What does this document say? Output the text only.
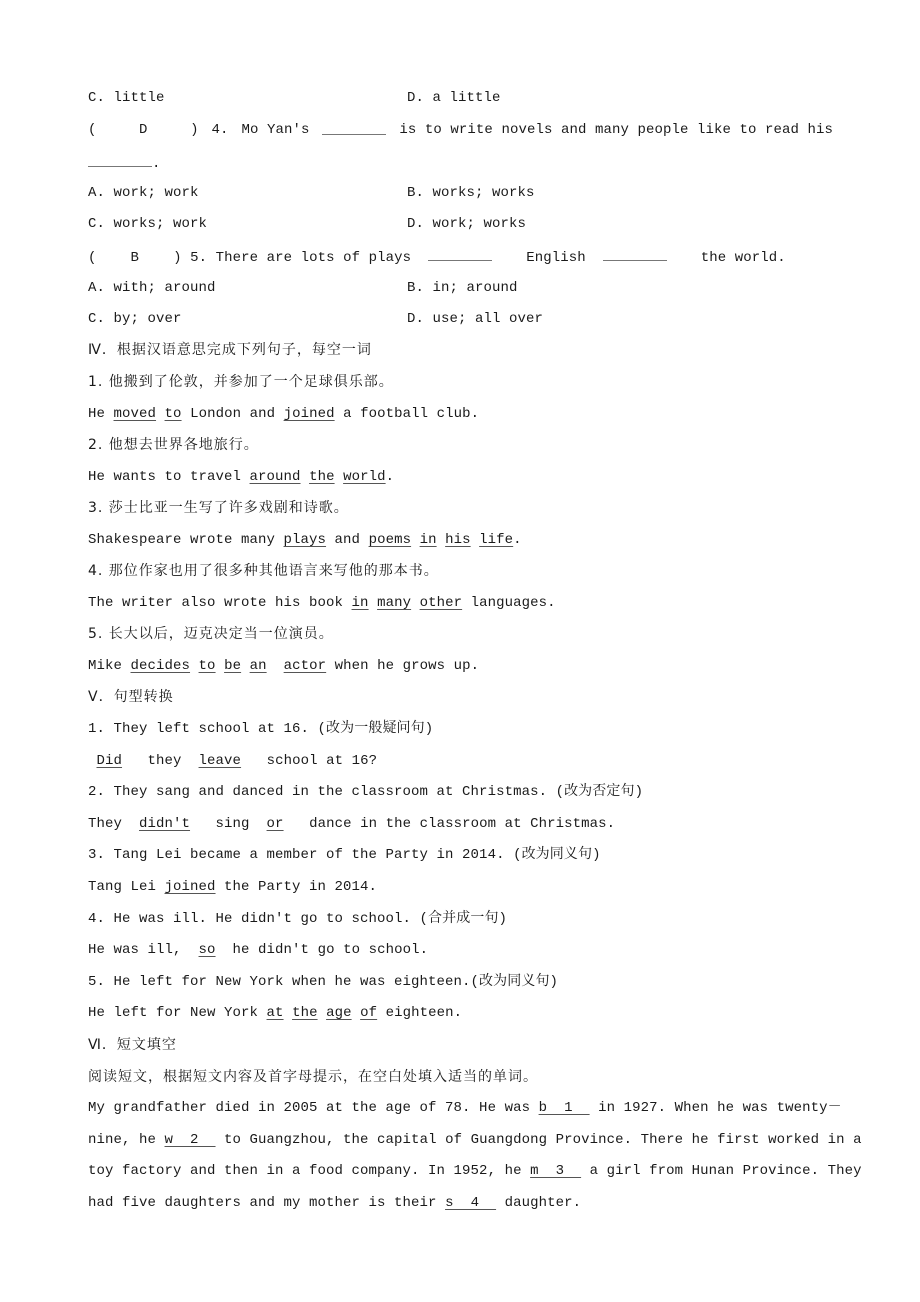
C. little	D. a little
(	D	) 4. Mo Yan's	is to write novels and many people like to read his
.
A. work; work	B. works; works
C. works; work	D. work; works
( B ) 5. There are lots of plays	English	the world.
A. with; around	B. in; around
C. by; over	D. use; all over
Ⅳ．根据汉语意思完成下列句子，每空一词
Ⅴ．句型转换
Ⅵ．短文填空
阅读短文，根据短文内容及首字母提示，在空白处填入适当的单词。
1. 他搬到了伦敦，并参加了一个足球俱乐部。
He moved to London and joined a football club.
2. 他想去世界各地旅行。
He wants to travel around the world.
3. 莎士比亚一生写了许多戏剧和诗歌。
Shakespeare wrote many plays and poems in his life.
4. 那位作家也用了很多种其他语言来写他的那本书。
The writer also wrote his book in many other languages.
5. 长大以后，迈克决定当一位演员。
Mike decides to be an actor when he grows up.
1. They left school at 16. (改为一般疑问句)
Did   they  leave   school at 16?
2. They sang and danced in the classroom at Christmas. (改为否定句)
They  didn't   sing  or   dance in the classroom at Christmas.
3. Tang Lei became a member of the Party in 2014. (改为同义句)
Tang Lei joined the Party in 2014.
4. He was ill. He didn't go to school. (合并成一句)
He was ill,  so  he didn't go to school.
5. He left for New York when he was eighteen.(改为同义句)
He left for New York at the age of eighteen.
My grandfather died in 2005 at the age of 78. He was b  1   in 1927. When he was twenty－
nine, he w  2   to Guangzhou, the capital of Guangdong Province. There he first worked in a
toy factory and then in a food company. In 1952, he m  3   a girl from Hunan Province. They
had five daughters and my mother is their s  4   daughter.
